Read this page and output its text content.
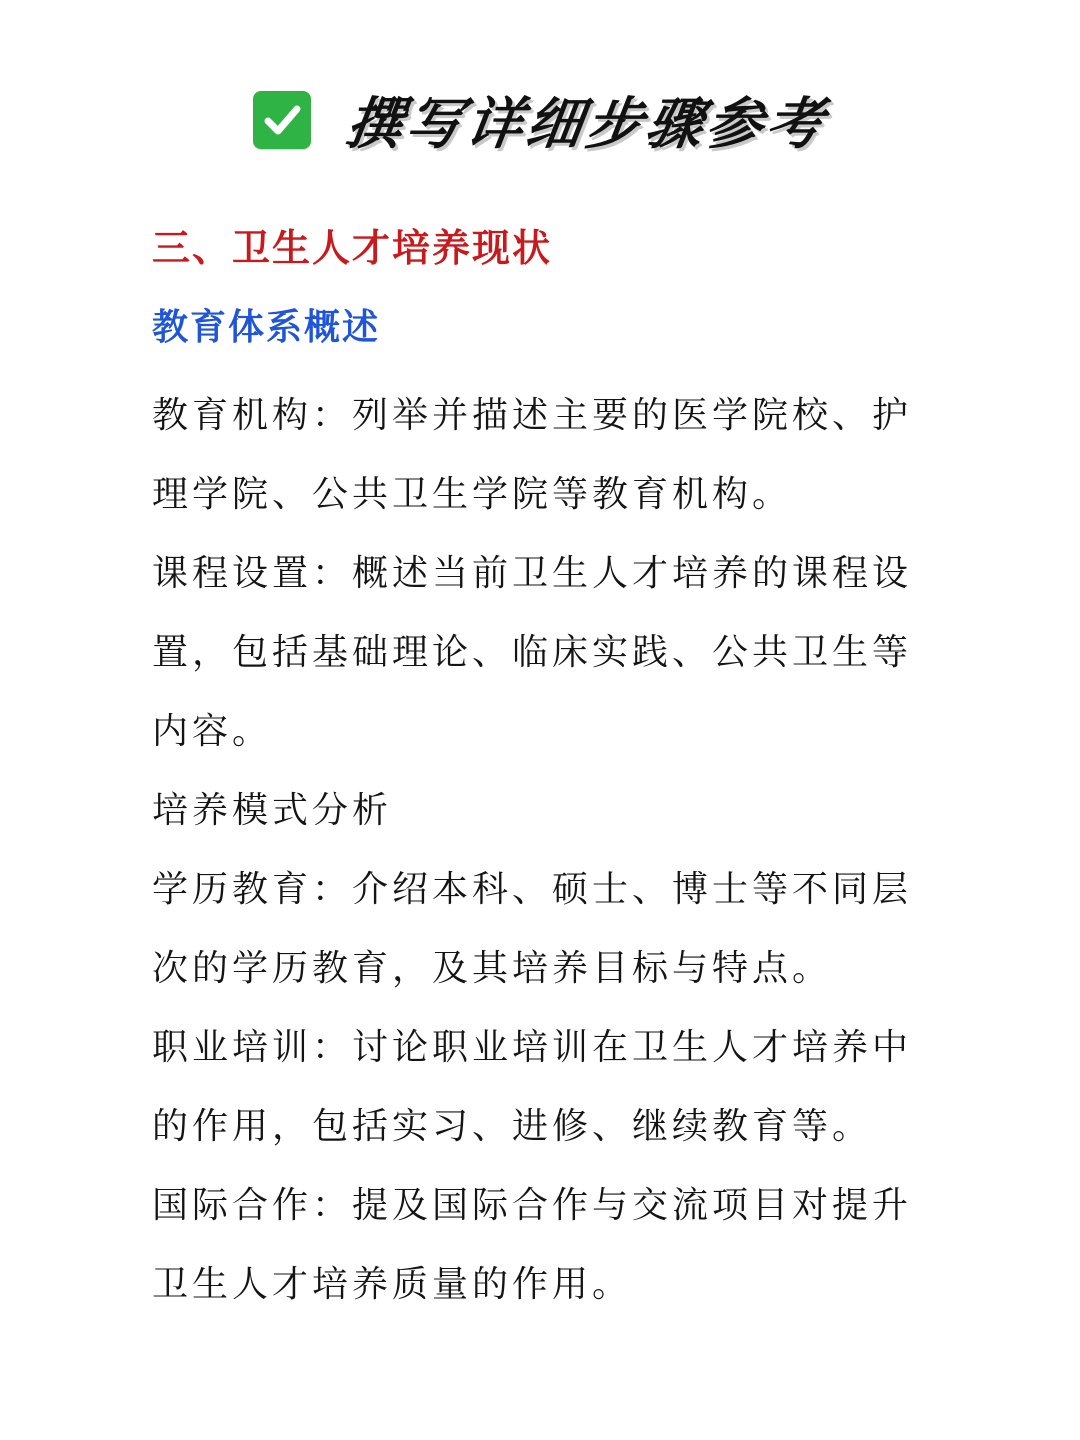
撰写详细步骤参考
三、卫生人才培养现状
教育体系概述

教育机构：列举并描述主要的医学院校、护理学院、公共卫生学院等教育机构。

课程设置：概述当前卫生人才培养的课程设置，包括基础理论、临床实践、公共卫生等内容。

培养模式分析

学历教育：介绍本科、硕士、博士等不同层次的学历教育，及其培养目标与特点。

职业培训：讨论职业培训在卫生人才培养中的作用，包括实习、进修、继续教育等。

国际合作：提及国际合作与交流项目对提升卫生人才培养质量的作用。
